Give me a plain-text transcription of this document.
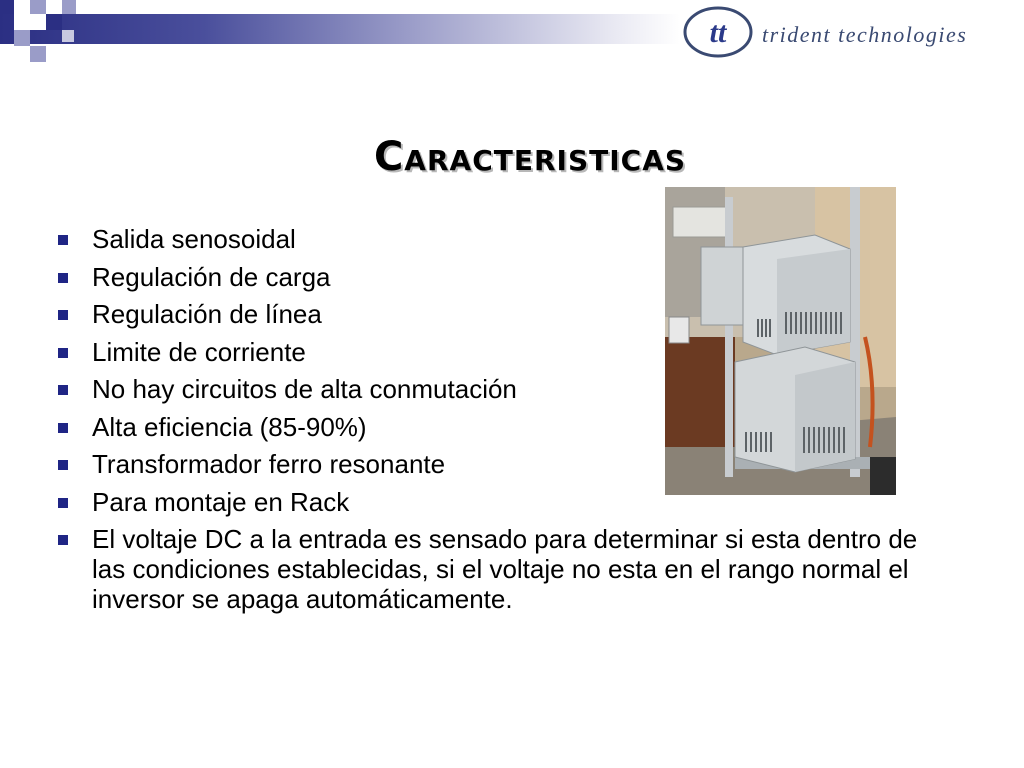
tt trident technologies
Caracteristicas
Salida senosoidal
Regulación de carga
Regulación de línea
Limite de corriente
No hay circuitos de alta conmutación
Alta eficiencia (85-90%)
Transformador ferro resonante
Para montaje en Rack
El voltaje DC a la entrada es sensado para determinar si esta dentro de las condiciones establecidas, si el voltaje no esta en el rango normal el inversor se apaga automáticamente.
